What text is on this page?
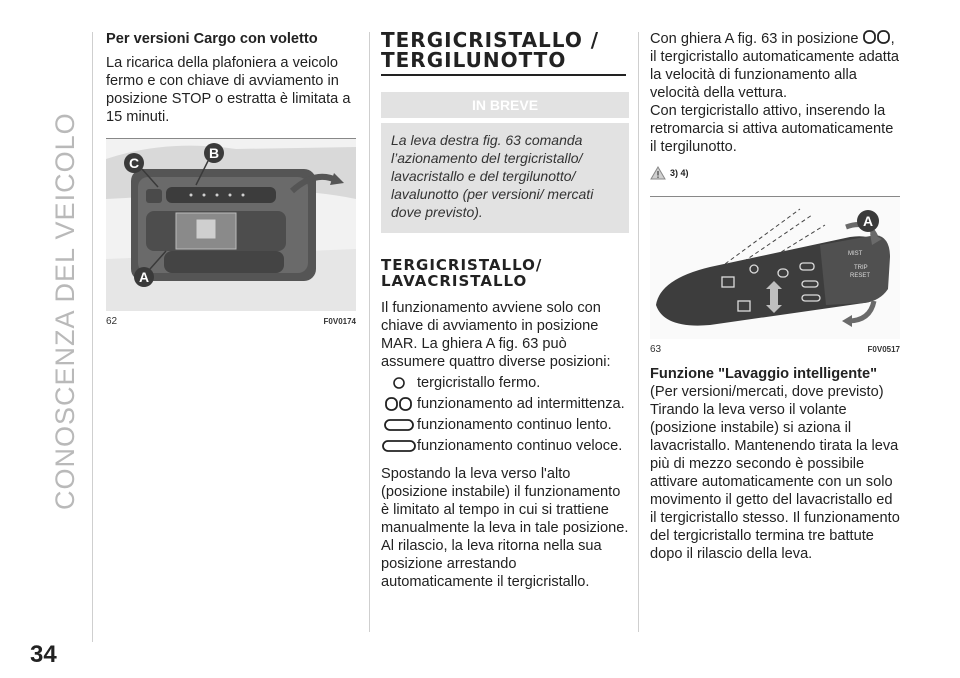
CONOSCENZA DEL VEICOLO
34

Per versioni Cargo con voletto

La ricarica della plafoniera a veicolo fermo e con chiave di avviamento in posizione STOP o estratta è limitata a 15 minuti.

C
B
A
62	F0V0174
TERGICRISTALLO / TERGILUNOTTO
IN BREVE
La leva destra fig. 63 comanda l’azionamento del tergicristallo/ lavacristallo e del tergilunotto/ lavalunotto (per versioni/ mercati dove previsto).
TERGICRISTALLO/ LAVACRISTALLO

Il funzionamento avviene solo con chiave di avviamento in posizione MAR. La ghiera A fig. 63 può assumere quattro diverse posizioni:

tergicristallo fermo.
funzionamento ad intermittenza.
funzionamento continuo lento.
funzionamento continuo veloce.

Spostando la leva verso l'alto (posizione instabile) il funzionamento è limitato al tempo in cui si trattiene manualmente la leva in tale posizione. Al rilascio, la leva ritorna nella sua posizione arrestando automaticamente il tergicristallo.

Con ghiera A fig. 63 in posizione , il tergicristallo automaticamente adatta la velocità di funzionamento alla velocità della vettura.

Con tergicristallo attivo, inserendo la retromarcia si attiva automaticamente il tergilunotto.

3) 4)
MIST
TRIP
RESET
A
63	F0V0517

Funzione "Lavaggio intelligente"

(Per versioni/mercati, dove previsto) Tirando la leva verso il volante (posizione instabile) si aziona il lavacristallo. Mantenendo tirata la leva più di mezzo secondo è possibile attivare automaticamente con un solo movimento il getto del lavacristallo ed il tergicristallo stesso. Il funzionamento del tergicristallo termina tre battute dopo il rilascio della leva.
